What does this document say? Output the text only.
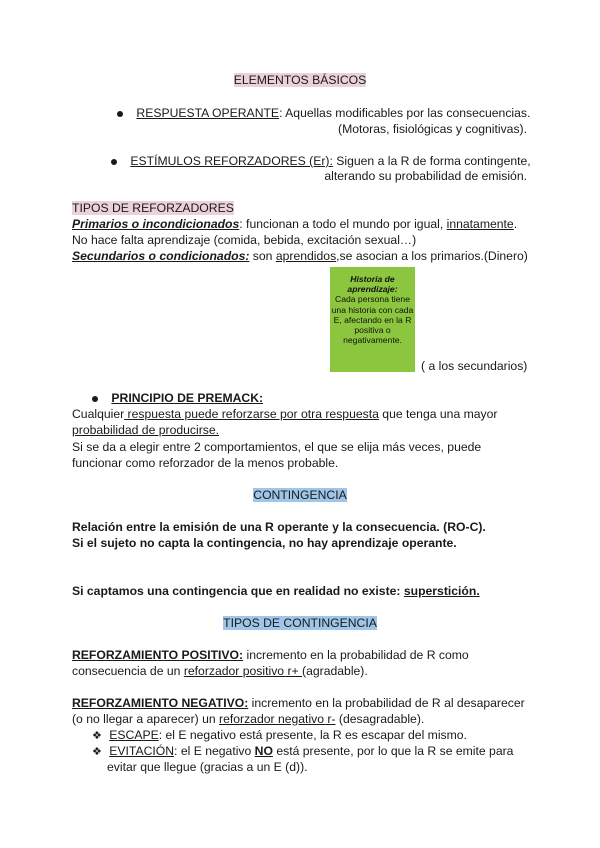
ELEMENTOS BÁSICOS
RESPUESTA OPERANTE: Aquellas modificables por las consecuencias.
(Motoras, fisiológicas y cognitivas).
ESTÍMULOS REFORZADORES (Er): Siguen a la R de forma contingente,
alterando su probabilidad de emisión.
TIPOS DE REFORZADORES
Primarios o incondicionados: funcionan a todo el mundo por igual, innatamente.
No hace falta aprendizaje (comida, bebida, excitación sexual…)
Secundarios o condicionados: son aprendidos,se asocian a los primarios.(Dinero)
Historia de aprendizaje:
Cada persona tiene una historia con cada E, afectando en la R positiva o negativamente.
( a los secundarios)
PRINCIPIO DE PREMACK:
Cualquier respuesta puede reforzarse por otra respuesta que tenga una mayor
probabilidad de producirse.
Si se da a elegir entre 2 comportamientos, el que se elija más veces, puede
funcionar como reforzador de la menos probable.
CONTINGENCIA
Relación entre la emisión de una R operante y la consecuencia. (RO-C).
Si el sujeto no capta la contingencia, no hay aprendizaje operante.
Si captamos una contingencia que en realidad no existe: superstición.
TIPOS DE CONTINGENCIA
REFORZAMIENTO POSITIVO: incremento en la probabilidad de R como
consecuencia de un reforzador positivo r+ (agradable).
REFORZAMIENTO NEGATIVO: incremento en la probabilidad de R al desaparecer
(o no llegar a aparecer) un reforzador negativo r- (desagradable).
❖ ESCAPE: el E negativo está presente, la R es escapar del mismo.
❖ EVITACIÓN: el E negativo NO está presente, por lo que la R se emite para
evitar que llegue (gracias a un E (d)).
